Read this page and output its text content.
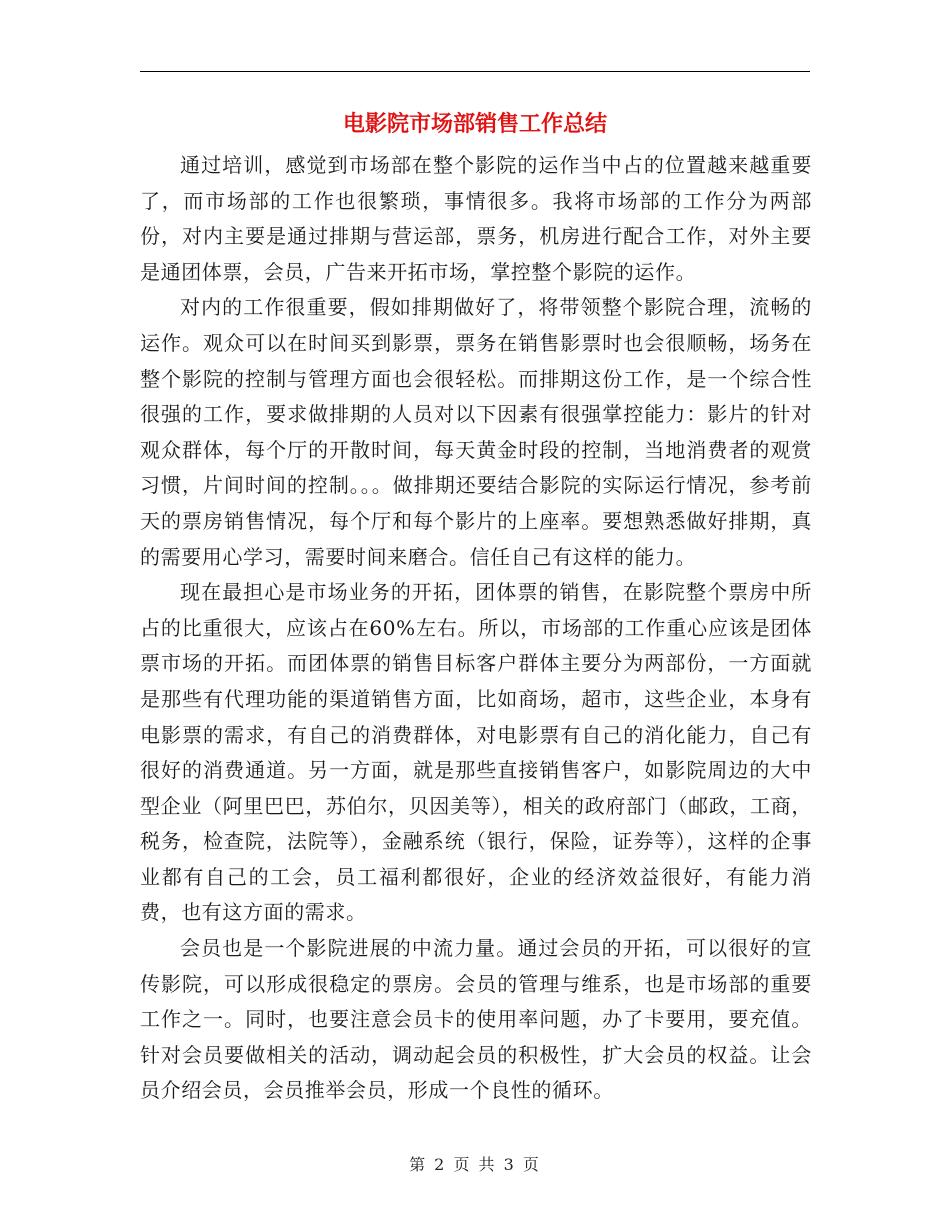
电影院市场部销售工作总结

通过培训，感觉到市场部在整个影院的运作当中占的位置越来越重要了，而市场部的工作也很繁琐，事情很多。我将市场部的工作分为两部份，对内主要是通过排期与营运部，票务，机房进行配合工作，对外主要是通团体票，会员，广告来开拓市场，掌控整个影院的运作。

对内的工作很重要，假如排期做好了，将带领整个影院合理，流畅的运作。观众可以在时间买到影票，票务在销售影票时也会很顺畅，场务在整个影院的控制与管理方面也会很轻松。而排期这份工作，是一个综合性很强的工作，要求做排期的人员对以下因素有很强掌控能力：影片的针对观众群体，每个厅的开散时间，每天黄金时段的控制，当地消费者的观赏习惯，片间时间的控制。。。做排期还要结合影院的实际运行情况，参考前天的票房销售情况，每个厅和每个影片的上座率。要想熟悉做好排期，真的需要用心学习，需要时间来磨合。信任自己有这样的能力。

现在最担心是市场业务的开拓，团体票的销售，在影院整个票房中所占的比重很大，应该占在60%左右。所以，市场部的工作重心应该是团体票市场的开拓。而团体票的销售目标客户群体主要分为两部份，一方面就是那些有代理功能的渠道销售方面，比如商场，超市，这些企业，本身有电影票的需求，有自己的消费群体，对电影票有自己的消化能力，自己有很好的消费通道。另一方面，就是那些直接销售客户，如影院周边的大中型企业（阿里巴巴，苏伯尔，贝因美等），相关的政府部门（邮政，工商，税务，检查院，法院等），金融系统（银行，保险，证券等），这样的企事业都有自己的工会，员工福利都很好，企业的经济效益很好，有能力消费，也有这方面的需求。

会员也是一个影院进展的中流力量。通过会员的开拓，可以很好的宣传影院，可以形成很稳定的票房。会员的管理与维系，也是市场部的重要工作之一。同时，也要注意会员卡的使用率问题，办了卡要用，要充值。针对会员要做相关的活动，调动起会员的积极性，扩大会员的权益。让会员介绍会员，会员推举会员，形成一个良性的循环。

第 2 页 共 3 页
